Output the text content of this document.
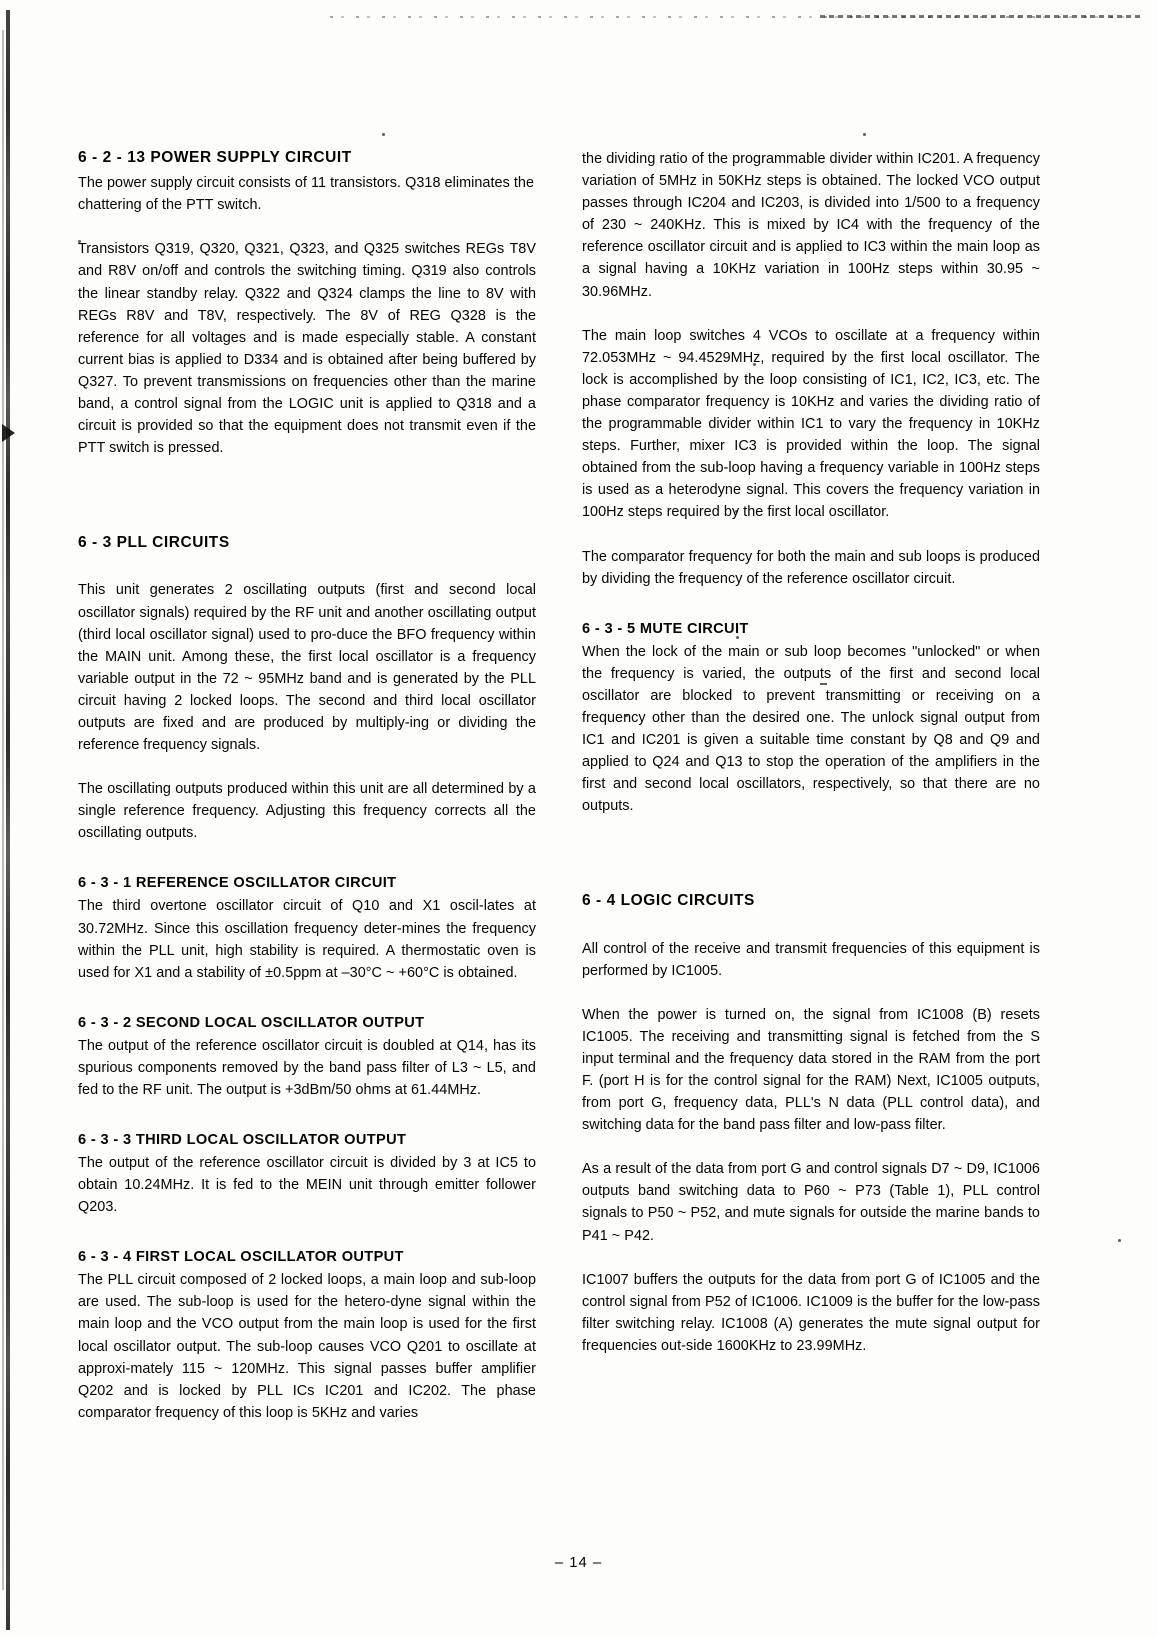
6 - 2 - 13 POWER SUPPLY CIRCUIT

The power supply circuit consists of 11 transistors. Q318 eliminates the chattering of the PTT switch.

Transistors Q319, Q320, Q321, Q323, and Q325 switches REGs T8V and R8V on/off and controls the switching timing. Q319 also controls the linear standby relay. Q322 and Q324 clamps the line to 8V with REGs R8V and T8V, respectively. The 8V of REG Q328 is the reference for all voltages and is made especially stable. A constant current bias is applied to D334 and is obtained after being buffered by Q327. To prevent transmissions on frequencies other than the marine band, a control signal from the LOGIC unit is applied to Q318 and a circuit is provided so that the equipment does not transmit even if the PTT switch is pressed.

6 - 3 PLL CIRCUITS

This unit generates 2 oscillating outputs (first and second local oscillator signals) required by the RF unit and another oscillating output (third local oscillator signal) used to pro-duce the BFO frequency within the MAIN unit. Among these, the first local oscillator is a frequency variable output in the 72 ~ 95MHz band and is generated by the PLL circuit having 2 locked loops. The second and third local oscillator outputs are fixed and are produced by multiply-ing or dividing the reference frequency signals.

The oscillating outputs produced within this unit are all determined by a single reference frequency. Adjusting this frequency corrects all the oscillating outputs.

6 - 3 - 1 REFERENCE OSCILLATOR CIRCUIT

The third overtone oscillator circuit of Q10 and X1 oscil-lates at 30.72MHz. Since this oscillation frequency deter-mines the frequency within the PLL unit, high stability is required. A thermostatic oven is used for X1 and a stability of ±0.5ppm at –30°C ~ +60°C is obtained.

6 - 3 - 2 SECOND LOCAL OSCILLATOR OUTPUT

The output of the reference oscillator circuit is doubled at Q14, has its spurious components removed by the band pass filter of L3 ~ L5, and fed to the RF unit. The output is +3dBm/50 ohms at 61.44MHz.

6 - 3 - 3 THIRD LOCAL OSCILLATOR OUTPUT

The output of the reference oscillator circuit is divided by 3 at IC5 to obtain 10.24MHz. It is fed to the MEIN unit through emitter follower Q203.

6 - 3 - 4 FIRST LOCAL OSCILLATOR OUTPUT

The PLL circuit composed of 2 locked loops, a main loop and sub-loop are used. The sub-loop is used for the hetero-dyne signal within the main loop and the VCO output from the main loop is used for the first local oscillator output. The sub-loop causes VCO Q201 to oscillate at approxi-mately 115 ~ 120MHz. This signal passes buffer amplifier Q202 and is locked by PLL ICs IC201 and IC202. The phase comparator frequency of this loop is 5KHz and varies

the dividing ratio of the programmable divider within IC201. A frequency variation of 5MHz in 50KHz steps is obtained. The locked VCO output passes through IC204 and IC203, is divided into 1/500 to a frequency of 230 ~ 240KHz. This is mixed by IC4 with the frequency of the reference oscillator circuit and is applied to IC3 within the main loop as a signal having a 10KHz variation in 100Hz steps within 30.95 ~ 30.96MHz.

The main loop switches 4 VCOs to oscillate at a frequency within 72.053MHz ~ 94.4529MHz, required by the first local oscillator. The lock is accomplished by the loop consisting of IC1, IC2, IC3, etc. The phase comparator frequency is 10KHz and varies the dividing ratio of the programmable divider within IC1 to vary the frequency in 10KHz steps. Further, mixer IC3 is provided within the loop. The signal obtained from the sub-loop having a frequency variable in 100Hz steps is used as a heterodyne signal. This covers the frequency variation in 100Hz steps required by the first local oscillator.

The comparator frequency for both the main and sub loops is produced by dividing the frequency of the reference oscillator circuit.

6 - 3 - 5 MUTE CIRCUIT

When the lock of the main or sub loop becomes "unlocked" or when the frequency is varied, the outputs of the first and second local oscillator are blocked to prevent transmitting or receiving on a frequency other than the desired one. The unlock signal output from IC1 and IC201 is given a suitable time constant by Q8 and Q9 and applied to Q24 and Q13 to stop the operation of the amplifiers in the first and second local oscillators, respectively, so that there are no outputs.

6 - 4 LOGIC CIRCUITS

All control of the receive and transmit frequencies of this equipment is performed by IC1005.

When the power is turned on, the signal from IC1008 (B) resets IC1005. The receiving and transmitting signal is fetched from the S input terminal and the frequency data stored in the RAM from the port F. (port H is for the control signal for the RAM) Next, IC1005 outputs, from port G, frequency data, PLL's N data (PLL control data), and switching data for the band pass filter and low-pass filter.

As a result of the data from port G and control signals D7 ~ D9, IC1006 outputs band switching data to P60 ~ P73 (Table 1), PLL control signals to P50 ~ P52, and mute signals for outside the marine bands to P41 ~ P42.

IC1007 buffers the outputs for the data from port G of IC1005 and the control signal from P52 of IC1006. IC1009 is the buffer for the low-pass filter switching relay. IC1008 (A) generates the mute signal output for frequencies out-side 1600KHz to 23.99MHz.

– 14 –
